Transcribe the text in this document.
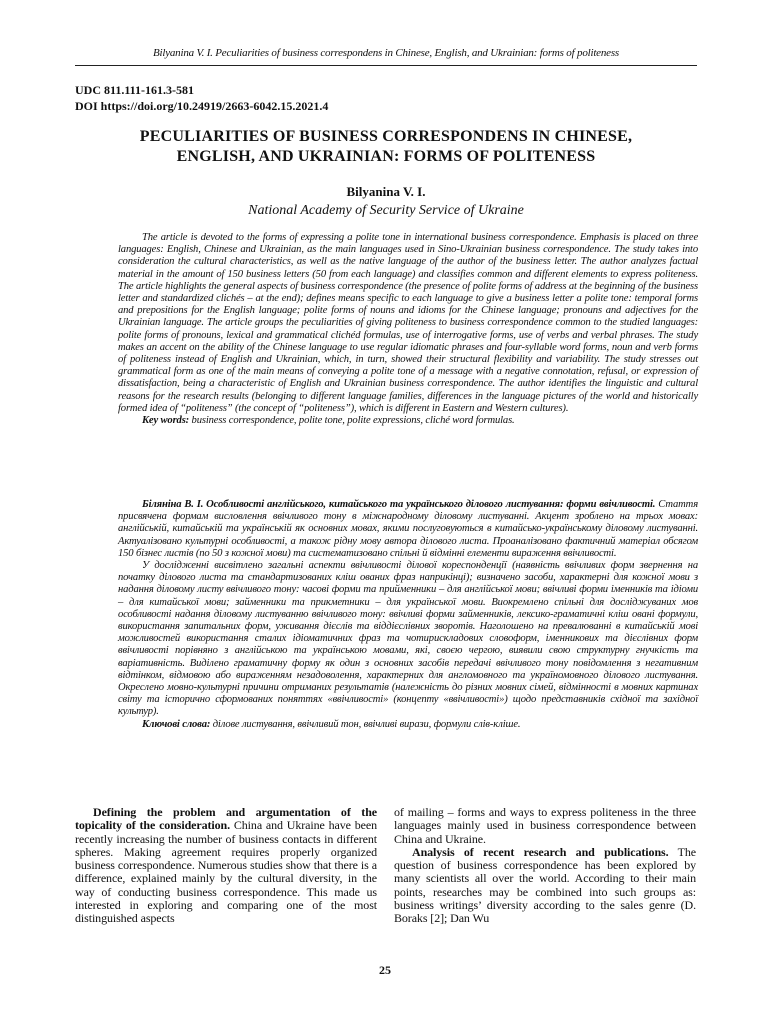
Bilyanina V. I. Peculiarities of business correspondens in Chinese, English, and Ukrainian: forms of politeness
UDC 811.111-161.3-581
DOI https://doi.org/10.24919/2663-6042.15.2021.4
PECULIARITIES OF BUSINESS CORRESPONDENS IN CHINESE,
ENGLISH, AND UKRAINIAN: FORMS OF POLITENESS
Bilyanina V. I.
National Academy of Security Service of Ukraine

The article is devoted to the forms of expressing a polite tone in international business correspondence. Emphasis is placed on three languages: English, Chinese and Ukrainian, as the main languages used in Sino-Ukrainian business correspondence. The study takes into consideration the cultural characteristics, as well as the native language of the author of the business letter. The author analyzes factual material in the amount of 150 business letters (50 from each language) and classifies common and different elements to express politeness. The article highlights the general aspects of business correspondence (the presence of polite forms of address at the beginning of the business letter and standardized clichés – at the end); defines means specific to each language to give a business letter a polite tone: temporal forms and prepositions for the English language; polite forms of nouns and idioms for the Chinese language; pronouns and adjectives for the Ukrainian language. The article groups the peculiarities of giving politeness to business correspondence common to the studied languages: polite forms of pronouns, lexical and grammatical clichéd formulas, use of interrogative forms, use of verbs and verbal phrases. The study makes an accent on the ability of the Chinese language to use regular idiomatic phrases and four-syllable word forms, noun and verb forms of politeness instead of English and Ukrainian, which, in turn, showed their structural flexibility and variability. The study stresses out grammatical form as one of the main means of conveying a polite tone of a message with a negative connotation, refusal, or expression of dissatisfaction, being a characteristic of English and Ukrainian business correspondence. The author identifies the linguistic and cultural reasons for the research results (belonging to different language families, differences in the language pictures of the world and historically formed idea of “politeness” (the concept of “politeness”), which is different in Eastern and Western cultures).

Key words: business correspondence, polite tone, polite expressions, cliché word formulas.

Біляніна В. І. Особливості англійського, китайського та українського ділового листування: форми ввічливості. Стаття присвячена формам висловлення ввічливого тону в міжнародному діловому листуванні. Акцент зроблено на трьох мовах: англійській, китайській та українській як основних мовах, якими послуговуються в китайсько-українському діловому листуванні. Актуалізовано культурні особливості, а також рідну мову автора ділового листа. Проаналізовано фактичний матеріал обсягом 150 бізнес листів (по 50 з кожної мови) та систематизовано спільні й відмінні елементи вираження ввічливості.

У дослідженні висвітлено загальні аспекти ввічливості ділової кореспонденції (наявність ввічливих форм звернення на початку ділового листа та стандартизованих кліш ованих фраз наприкінці); визначено засоби, характерні для кожної мови з надання діловому листу ввічливого тону: часові форми та прийменники – для англійської мови; ввічливі форми іменників та ідіоми – для китайської мови; займенники та прикметники – для української мови. Виокремлено спільні для досліджуваних мов особливості надання діловому листуванню ввічливого тону: ввічливі форми займенників, лексико-граматичні кліш овані формули, використання запитальних форм, уживання дієслів та віддієслівних зворотів. Наголошено на превалюванні в китайській мові можливостей використання сталих ідіоматичних фраз та чотирискладових словоформ, іменникових та дієслівних форм ввічливості порівняно з англійською та українською мовами, які, своєю чергою, виявили свою структурну гнучкість та варіативність. Виділено граматичну форму як один з основних засобів передачі ввічливого тону повідомлення з негативним відтінком, відмовою або вираженням незадоволення, характерних для англомовного та україномовного ділового листування. Окреслено мовно-культурні причини отриманих результатів (належність до різних мовних сімей, відмінності в мовних картинах світу та історично сформованих поняттях «ввічливості» (концепту «ввічливості») щодо представників східної та західної культур).

Ключові слова: ділове листування, ввічливий тон, ввічливі вирази, формули слів-кліше.

Defining the problem and argumentation of the topicality of the consideration. China and Ukraine have been recently increasing the number of business contacts in different spheres. Making agreement requires properly organized business correspondence. Numerous studies show that there is a difference, explained mainly by the cultural diversity, in the way of conducting business correspondence. This made us interested in exploring and comparing one of the most distinguished aspects

of mailing – forms and ways to express politeness in the three languages mainly used in business correspondence between China and Ukraine.

Analysis of recent research and publications. The question of business correspondence has been explored by many scientists all over the world. According to their main points, researches may be combined into such groups as: business writings’ diversity according to the sales genre (D. Boraks [2]; Dan Wu

25
